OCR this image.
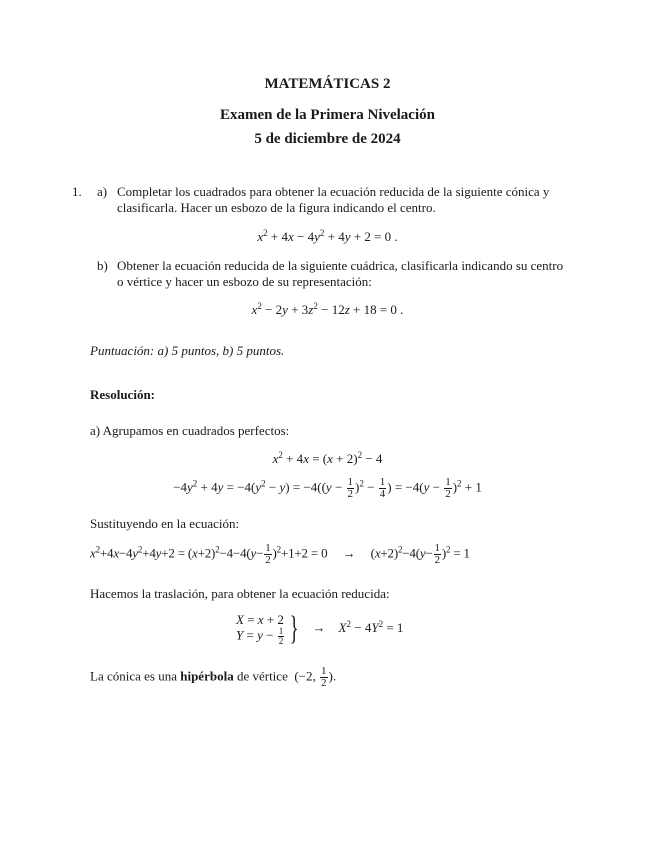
MATEMÁTICAS 2
Examen de la Primera Nivelación
5 de diciembre de 2024
1. a) Completar los cuadrados para obtener la ecuación reducida de la siguiente cónica y
clasificarla. Hacer un esbozo de la figura indicando el centro.
$x^2 + 4x - 4y^2 + 4y + 2 = 0$ .
b) Obtener la ecuación reducida de la siguiente cuádrica, clasificarla indicando su centro
o vértice y hacer un esbozo de su representación:
$x^2 - 2y + 3z^2 - 12z + 18 = 0$ .
Puntuación: a) 5 puntos, b) 5 puntos.
Resolución:
a) Agrupamos en cuadrados perfectos:
$x^2 + 4x = (x + 2)^2 - 4$
$-4y^2 + 4y = -4(y^2 - y) = -4((y - \frac{1}{2} )^2 - \frac{1}{4}$ ) = $-4(y - \frac{1}{2} )^2 + 1$
Sustituyendo en la ecuación:
$x^2+4x-4y^2+4y+2 = (x+2)^2-4-4(y- \frac{1}{2} )^2+1+2 = 0$     →     $(x+2)^2-4(y- \frac{1}{2} )^2 = 1$
Hacemos la traslación, para obtener la ecuación reducida:
X = x + 2
$Y = y - \frac{1}{2}$ }   →    $X^2 - 4Y^2 = 1$
La cónica es una hipérbola de vértice  (−2, $\frac{1}{2}$ ).
